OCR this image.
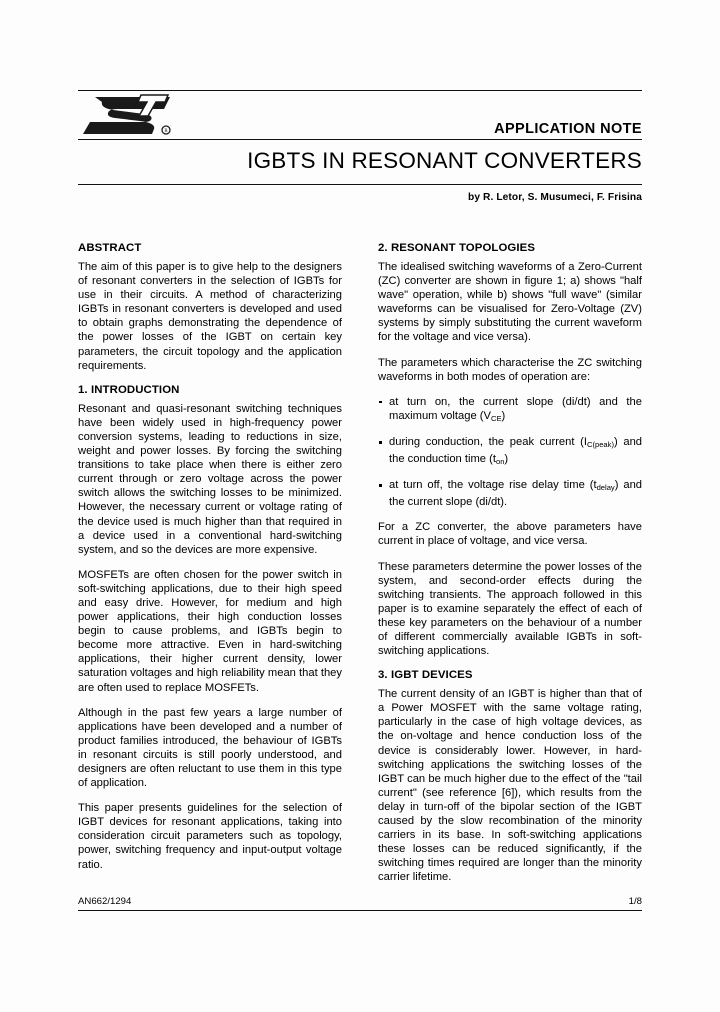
R	APPLICATION NOTE
IGBTS IN RESONANT CONVERTERS
by R. Letor, S. Musumeci, F. Frisina
ABSTRACT

The aim of this paper is to give help to the designers of resonant converters in the selection of IGBTs for use in their circuits. A method of characterizing IGBTs in resonant converters is developed and used to obtain graphs demonstrating the dependence of the power losses of the IGBT on certain key parameters, the circuit topology and the application requirements.

1. INTRODUCTION

Resonant and quasi-resonant switching techniques have been widely used in high-frequency power conversion systems, leading to reductions in size, weight and power losses. By forcing the switching transitions to take place when there is either zero current through or zero voltage across the power switch allows the switching losses to be minimized. However, the necessary current or voltage rating of the device used is much higher than that required in a device used in a conventional hard-switching system, and so the devices are more expensive.

MOSFETs are often chosen for the power switch in soft-switching applications, due to their high speed and easy drive. However, for medium and high power applications, their high conduction losses begin to cause problems, and IGBTs begin to become more attractive. Even in hard-switching applications, their higher current density, lower saturation voltages and high reliability mean that they are often used to replace MOSFETs.

Although in the past few years a large number of applications have been developed and a number of product families introduced, the behaviour of IGBTs in resonant circuits is still poorly understood, and designers are often reluctant to use them in this type of application.

This paper presents guidelines for the selection of IGBT devices for resonant applications, taking into consideration circuit parameters such as topology, power, switching frequency and input-output voltage ratio.

2. RESONANT TOPOLOGIES

The idealised switching waveforms of a Zero-Current (ZC) converter are shown in figure 1; a) shows "half wave" operation, while b) shows "full wave" (similar waveforms can be visualised for Zero-Voltage (ZV) systems by simply substituting the current waveform for the voltage and vice versa).

The parameters which characterise the ZC switching waveforms in both modes of operation are:

at turn on, the current slope (di/dt) and the maximum voltage $(V_{CE})$
during conduction, the peak current $(I_{C(peak)})$ and the conduction time $(t_{on})$
at turn off, the voltage rise delay time $(t_{delay})$ and the current slope (di/dt).

For a ZC converter, the above parameters have current in place of voltage, and vice versa.

These parameters determine the power losses of the system, and second-order effects during the switching transients. The approach followed in this paper is to examine separately the effect of each of these key parameters on the behaviour of a number of different commercially available IGBTs in soft-switching applications.

3. IGBT DEVICES

The current density of an IGBT is higher than that of a Power MOSFET with the same voltage rating, particularly in the case of high voltage devices, as the on-voltage and hence conduction loss of the device is considerably lower. However, in hard-switching applications the switching losses of the IGBT can be much higher due to the effect of the "tail current" (see reference [6]), which results from the delay in turn-off of the bipolar section of the IGBT caused by the slow recombination of the minority carriers in its base. In soft-switching applications these losses can be reduced significantly, if the switching times required are longer than the minority carrier lifetime.

AN662/1294	1/8
